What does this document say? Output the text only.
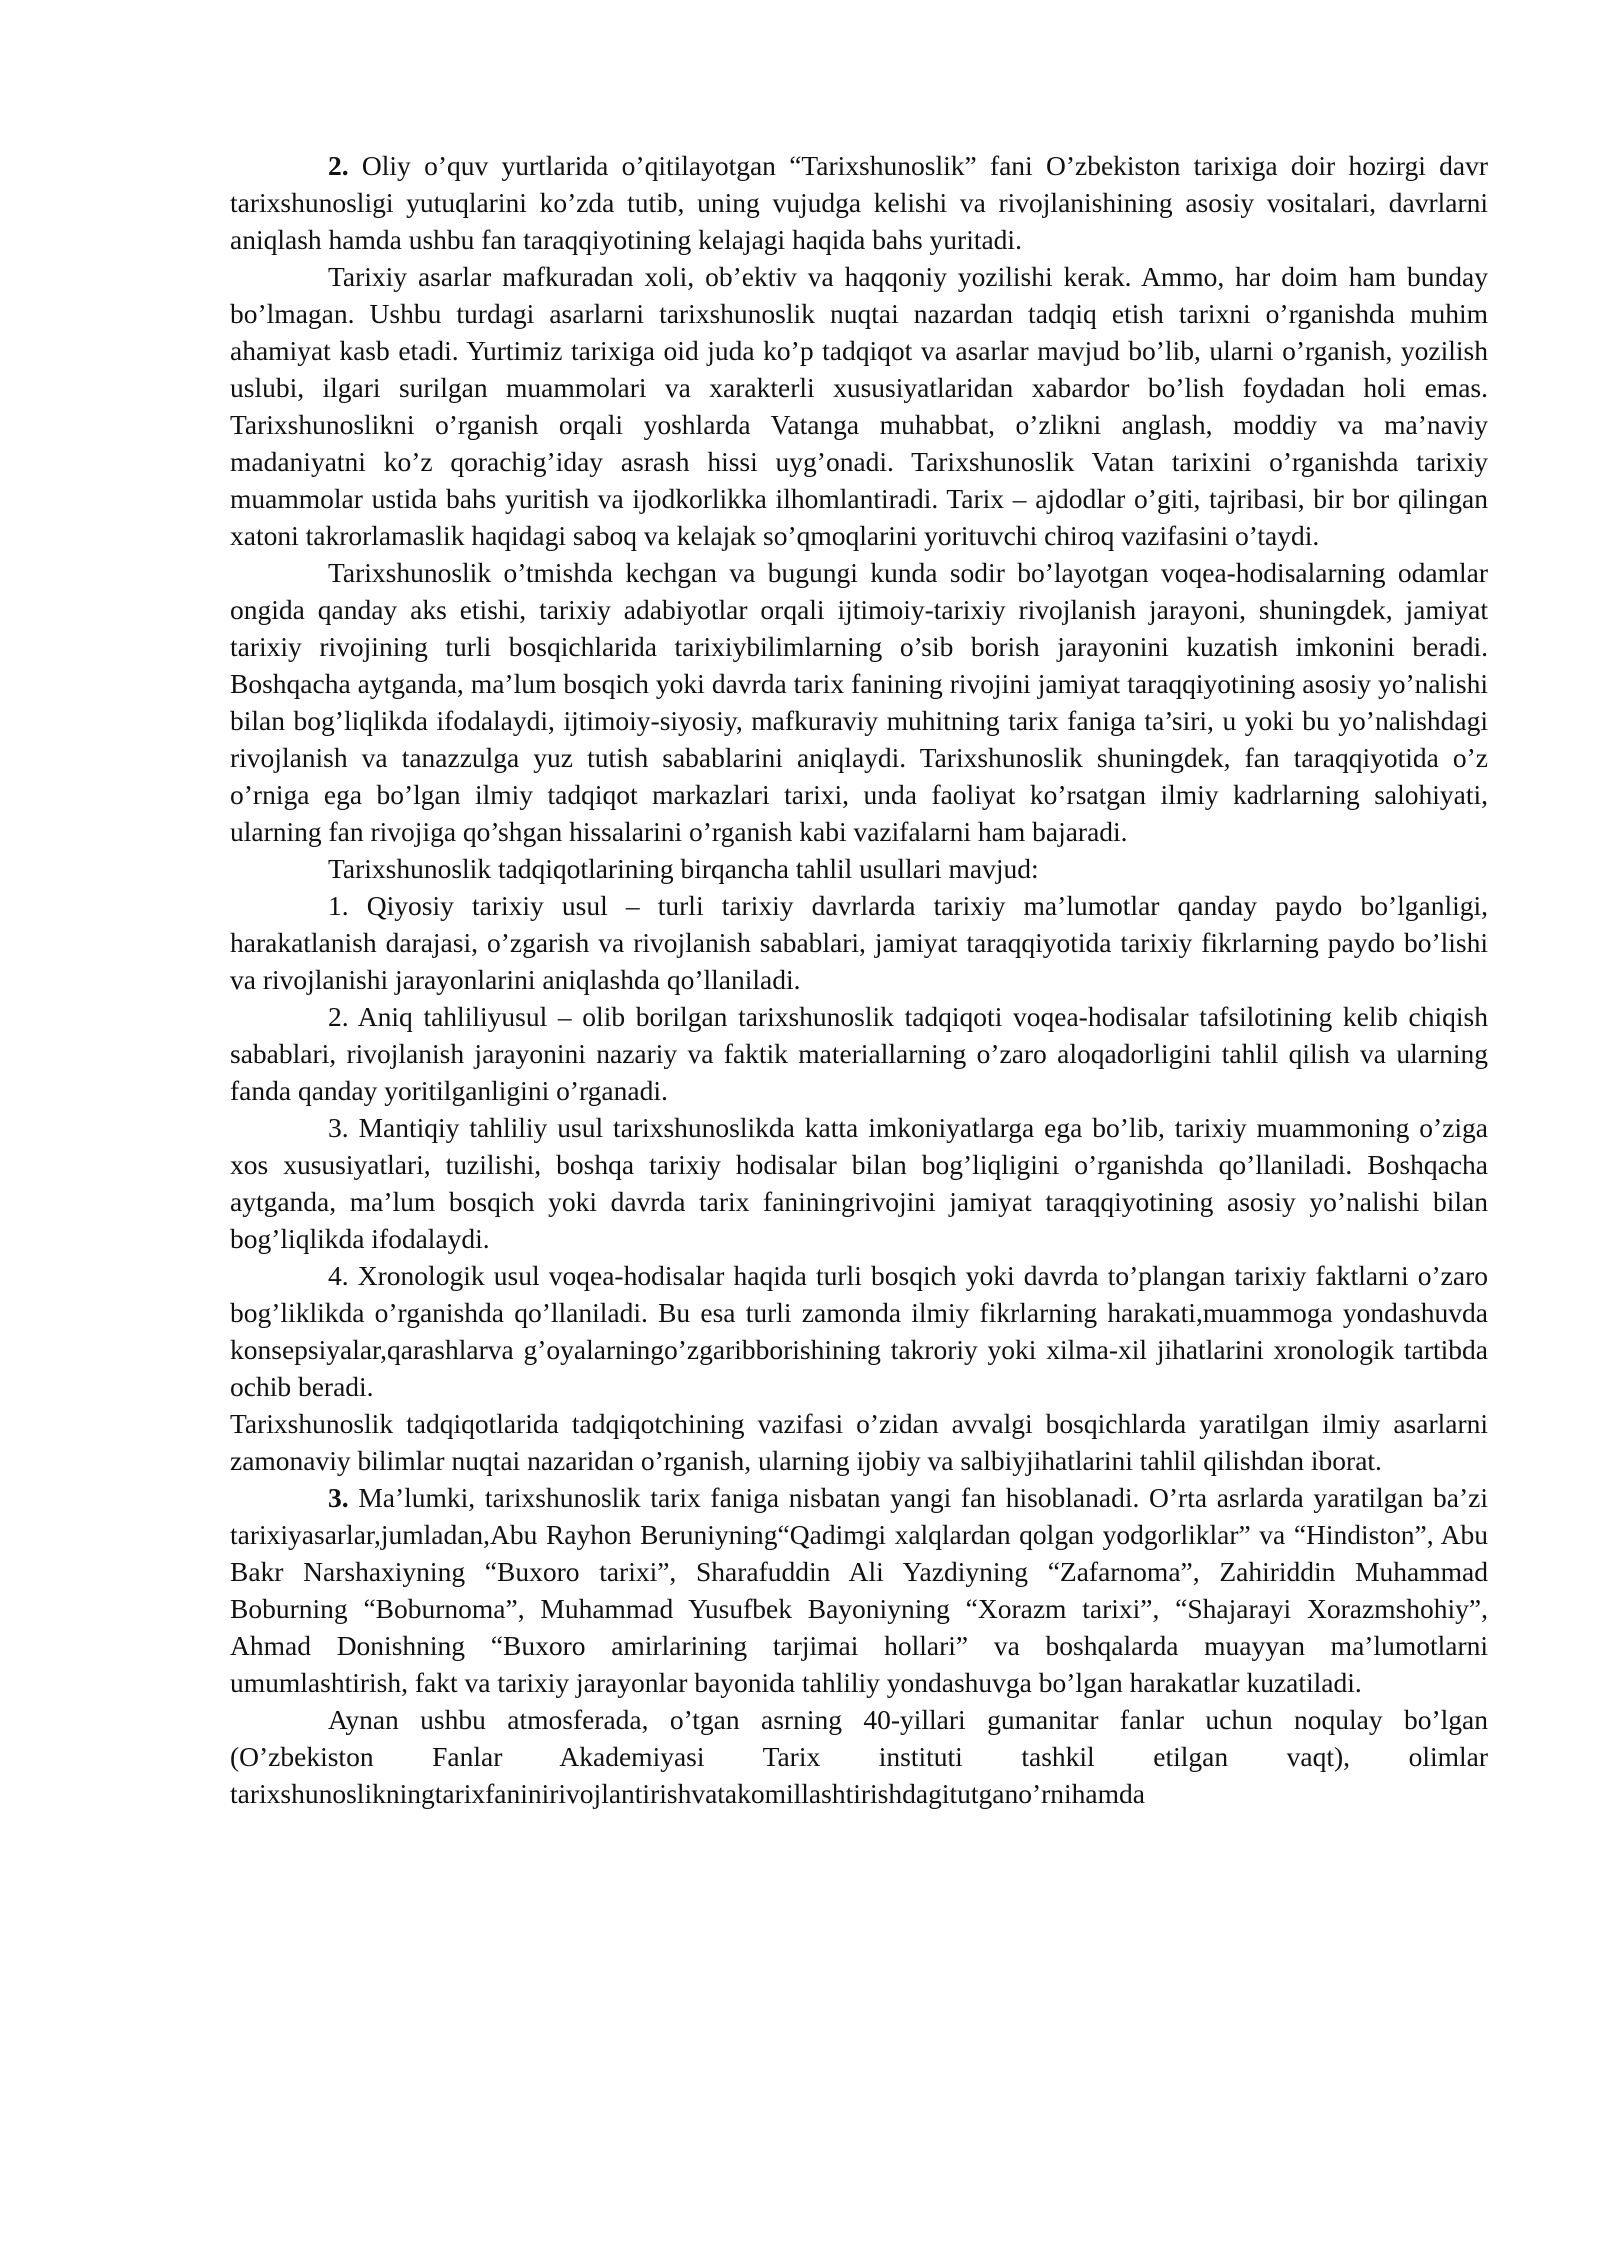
2. Oliy o’quv yurtlarida o’qitilayotgan “Tarixshunoslik” fani O’zbekiston tarixiga doir hozirgi davr tarixshunosligi yutuqlarini ko’zda tutib, uning vujudga kelishi va rivojlanishining asosiy vositalari, davrlarni aniqlash hamda ushbu fan taraqqiyotining kelajagi haqida bahs yuritadi.

Tarixiy asarlar mafkuradan xoli, ob’ektiv va haqqoniy yozilishi kerak. Ammo, har doim ham bunday bo’lmagan. Ushbu turdagi asarlarni tarixshunoslik nuqtai nazardan tadqiq etish tarixni o’rganishda muhim ahamiyat kasb etadi. Yurtimiz tarixiga oid juda ko’p tadqiqot va asarlar mavjud bo’lib, ularni o’rganish, yozilish uslubi, ilgari surilgan muammolari va xarakterli xususiyatlaridan xabardor bo’lish foydadan holi emas. Tarixshunoslikni o’rganish orqali yoshlarda Vatanga muhabbat, o’zlikni anglash, moddiy va ma’naviy madaniyatni ko’z qorachig’iday asrash hissi uyg’onadi. Tarixshunoslik Vatan tarixini o’rganishda tarixiy muammolar ustida bahs yuritish va ijodkorlikka ilhomlantiradi. Tarix – ajdodlar o’giti, tajribasi, bir bor qilingan xatoni takrorlamaslik haqidagi saboq va kelajak so’qmoqlarini yorituvchi chiroq vazifasini o’taydi.

Tarixshunoslik o’tmishda kechgan va bugungi kunda sodir bo’layotgan voqea-hodisalarning odamlar ongida qanday aks etishi, tarixiy adabiyotlar orqali ijtimoiy-tarixiy rivojlanish jarayoni, shuningdek, jamiyat tarixiy rivojining turli bosqichlarida tarixiybilimlarning o’sib borish jarayonini kuzatish imkonini beradi. Boshqacha aytganda, ma’lum bosqich yoki davrda tarix fanining rivojini jamiyat taraqqiyotining asosiy yo’nalishi bilan bog’liqlikda ifodalaydi, ijtimoiy-siyosiy, mafkuraviy muhitning tarix faniga ta’siri, u yoki bu yo’nalishdagi rivojlanish va tanazzulga yuz tutish sabablarini aniqlaydi. Tarixshunoslik shuningdek, fan taraqqiyotida o’z o’rniga ega bo’lgan ilmiy tadqiqot markazlari tarixi, unda faoliyat ko’rsatgan ilmiy kadrlarning salohiyati, ularning fan rivojiga qo’shgan hissalarini o’rganish kabi vazifalarni ham bajaradi.

Tarixshunoslik tadqiqotlarining birqancha tahlil usullari mavjud:

1. Qiyosiy tarixiy usul – turli tarixiy davrlarda tarixiy ma’lumotlar qanday paydo bo’lganligi, harakatlanish darajasi, o’zgarish va rivojlanish sabablari, jamiyat taraqqiyotida tarixiy fikrlarning paydo bo’lishi va rivojlanishi jarayonlarini aniqlashda qo’llaniladi.

2. Aniq tahliliyusul – olib borilgan tarixshunoslik tadqiqoti voqea-hodisalar tafsilotining kelib chiqish sabablari, rivojlanish jarayonini nazariy va faktik materiallarning o’zaro aloqadorligini tahlil qilish va ularning fanda qanday yoritilganligini o’rganadi.

3. Mantiqiy tahliliy usul tarixshunoslikda katta imkoniyatlarga ega bo’lib, tarixiy muammoning o’ziga xos xususiyatlari, tuzilishi, boshqa tarixiy hodisalar bilan bog’liqligini o’rganishda qo’llaniladi. Boshqacha aytganda, ma’lum bosqich yoki davrda tarix faniningrivojini jamiyat taraqqiyotining asosiy yo’nalishi bilan bog’liqlikda ifodalaydi.

4. Xronologik usul voqea-hodisalar haqida turli bosqich yoki davrda to’plangan tarixiy faktlarni o’zaro bog’liklikda o’rganishda qo’llaniladi. Bu esa turli zamonda ilmiy fikrlarning harakati,muammoga yondashuvda konsepsiyalar,qarashlarva g’oyalarningo’zgaribborishining takroriy yoki xilma-xil jihatlarini xronologik tartibda ochib beradi.

Tarixshunoslik tadqiqotlarida tadqiqotchining vazifasi o’zidan avvalgi bosqichlarda yaratilgan ilmiy asarlarni zamonaviy bilimlar nuqtai nazaridan o’rganish, ularning ijobiy va salbiyjihatlarini tahlil qilishdan iborat.

3. Ma’lumki, tarixshunoslik tarix faniga nisbatan yangi fan hisoblanadi. O’rta asrlarda yaratilgan ba’zi tarixiyasarlar,jumladan,Abu Rayhon Beruniyning“Qadimgi xalqlardan qolgan yodgorliklar” va “Hindiston”, Abu Bakr Narshaxiyning “Buxoro tarixi”, Sharafuddin Ali Yazdiyning “Zafarnoma”, Zahiriddin Muhammad Boburning “Boburnoma”, Muhammad Yusufbek Bayoniyning “Xorazm tarixi”, “Shajarayi Xorazmshohiy”, Ahmad Donishning “Buxoro amirlarining tarjimai hollari” va boshqalarda muayyan ma’lumotlarni umumlashtirish, fakt va tarixiy jarayonlar bayonida tahliliy yondashuvga bo’lgan harakatlar kuzatiladi.

Aynan ushbu atmosferada, o’tgan asrning 40-yillari gumanitar fanlar uchun noqulay bo’lgan (O’zbekiston Fanlar Akademiyasi Tarix instituti tashkil etilgan vaqt), olimlar tarixshunoslikningtarixfaninirivojlantirishvatakomillashtirishdagitutgano’rnihamda
